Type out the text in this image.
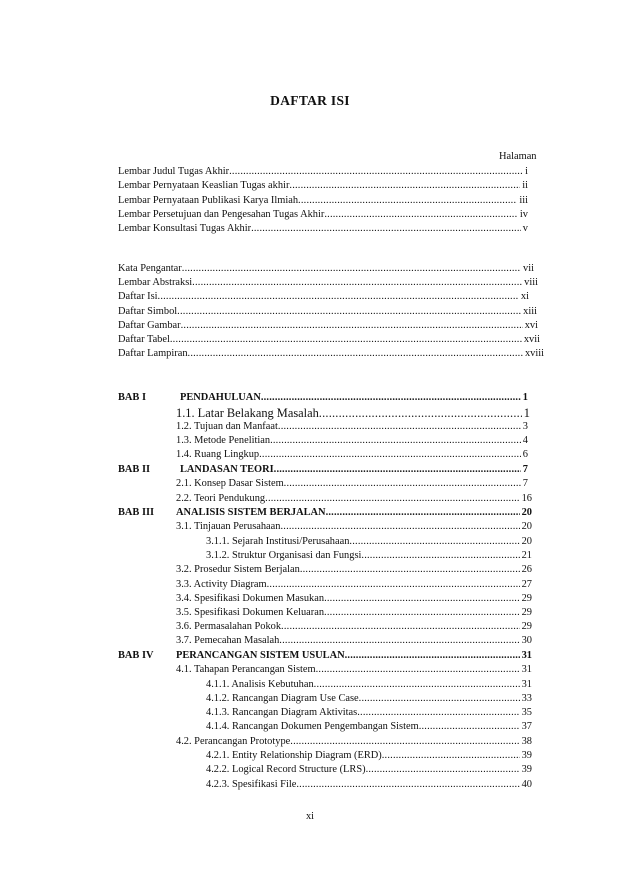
DAFTAR ISI
Halaman
Lembar Judul Tugas Akhir .....	i
Lembar Pernyataan Keaslian Tugas akhir .....	ii
Lembar Pernyataan Publikasi Karya Ilmiah .....	iii
Lembar Persetujuan dan Pengesahan Tugas Akhir .....	iv
Lembar Konsultasi Tugas Akhir .....	v
Kata Pengantar .....	vii
Lembar Abstraksi .....	viii
Daftar Isi .....	xi
Daftar Simbol .....	xiii
Daftar Gambar .....	xvi
Daftar Tabel .....	xvii
Daftar Lampiran .....	xviii
BAB I	PENDAHULUAN .....	1
1.1. Latar Belakang Masalah .....	1
1.2. Tujuan dan Manfaat .....	3
1.3. Metode Penelitian .....	4
1.4. Ruang Lingkup .....	6
BAB II	LANDASAN TEORI .....	7
2.1. Konsep Dasar Sistem .....	7
2.2. Teori Pendukung .....	16
BAB III ANALISIS SISTEM BERJALAN .....	20
3.1. Tinjauan Perusahaan .....	20
3.1.1. Sejarah Institusi/Perusahaan .....	20
3.1.2. Struktur Organisasi dan Fungsi .....	21
3.2. Prosedur Sistem Berjalan .....	26
3.3. Activity Diagram .....	27
3.4. Spesifikasi Dokumen Masukan .....	29
3.5. Spesifikasi Dokumen Keluaran .....	29
3.6. Permasalahan Pokok .....	29
3.7. Pemecahan Masalah .....	30
BAB IV PERANCANGAN SISTEM USULAN .....	31
4.1. Tahapan Perancangan Sistem .....	31
4.1.1. Analisis Kebutuhan .....	31
4.1.2. Rancangan Diagram Use Case .....	33
4.1.3. Rancangan Diagram Aktivitas .....	35
4.1.4. Rancangan Dokumen Pengembangan Sistem .....	37
4.2. Perancangan Prototype .....	38
4.2.1. Entity Relationship Diagram (ERD) .....	39
4.2.2. Logical Record Structure (LRS) .....	39
4.2.3. Spesifikasi File .....	40
xi
